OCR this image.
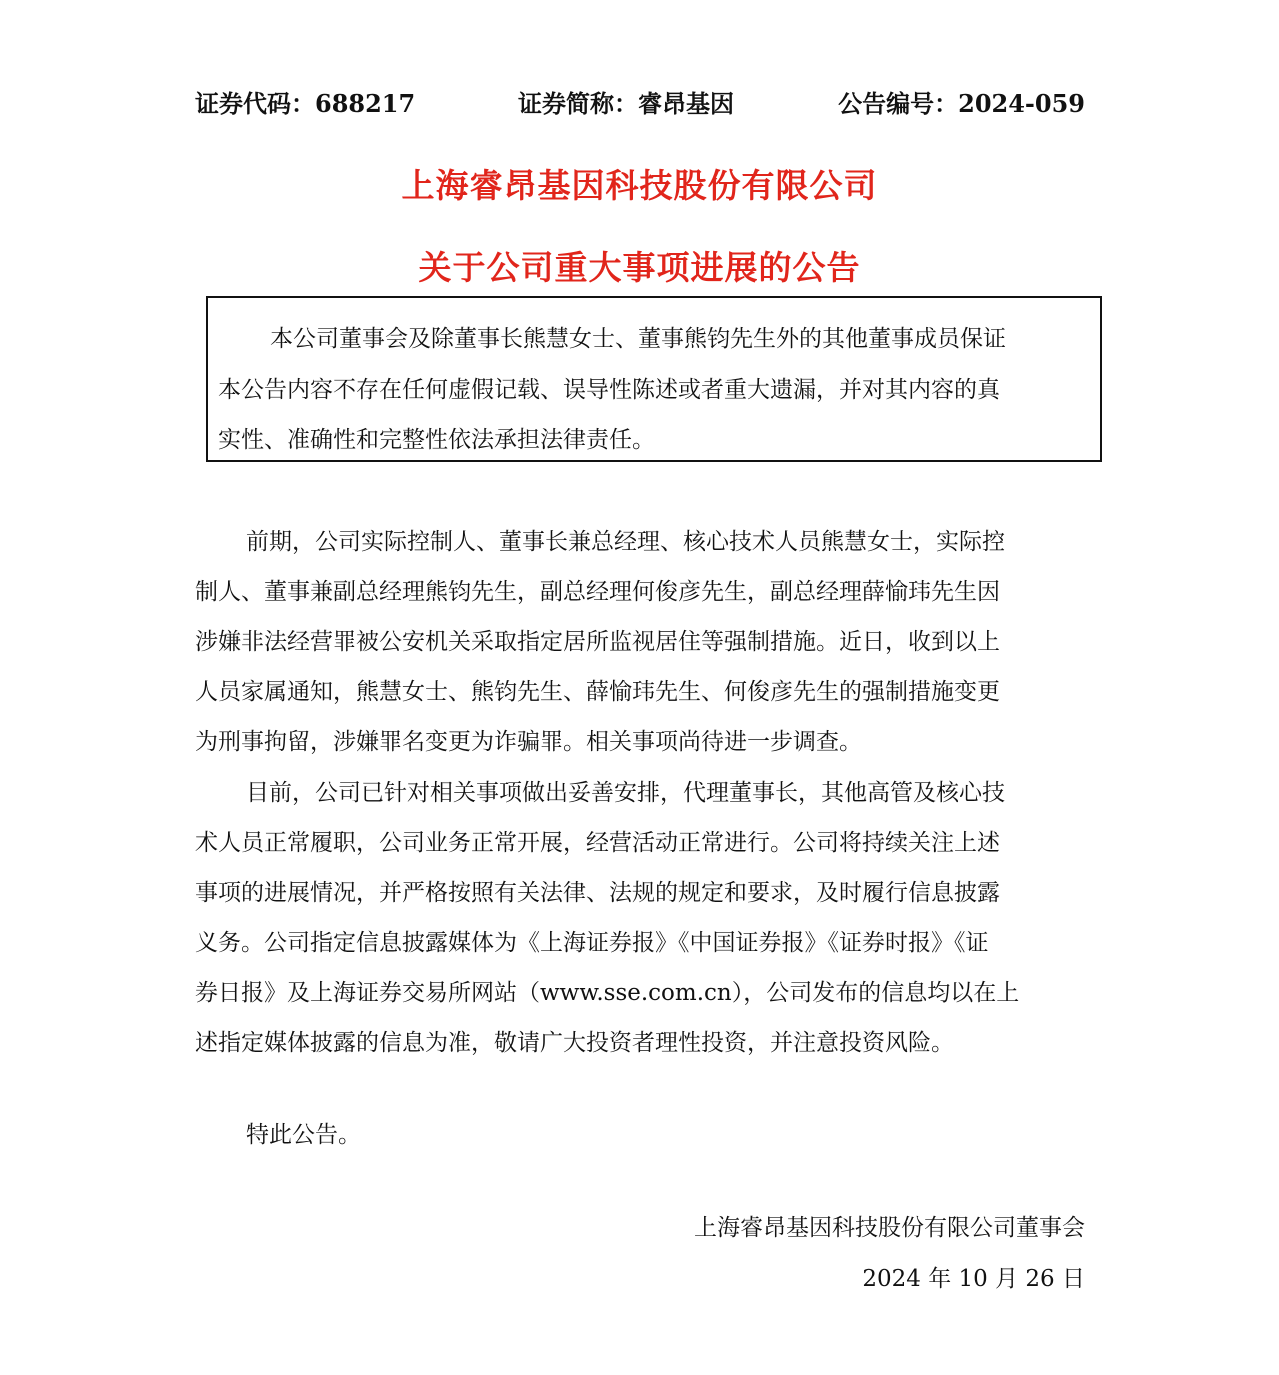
证券代码：688217	证券简称：睿昂基因	公告编号：2024-059
上海睿昂基因科技股份有限公司
关于公司重大事项进展的公告
本公司董事会及除董事长熊慧女士、董事熊钧先生外的其他董事成员保证
本公告内容不存在任何虚假记载、误导性陈述或者重大遗漏，并对其内容的真
实性、准确性和完整性依法承担法律责任。
前期，公司实际控制人、董事长兼总经理、核心技术人员熊慧女士，实际控
制人、董事兼副总经理熊钧先生，副总经理何俊彦先生，副总经理薛愉玮先生因
涉嫌非法经营罪被公安机关采取指定居所监视居住等强制措施。近日，收到以上
人员家属通知，熊慧女士、熊钧先生、薛愉玮先生、何俊彦先生的强制措施变更
为刑事拘留，涉嫌罪名变更为诈骗罪。相关事项尚待进一步调查。
目前，公司已针对相关事项做出妥善安排，代理董事长，其他高管及核心技
术人员正常履职，公司业务正常开展，经营活动正常进行。公司将持续关注上述
事项的进展情况，并严格按照有关法律、法规的规定和要求，及时履行信息披露
义务。公司指定信息披露媒体为《上海证券报》《中国证券报》《证券时报》《证
券日报》及上海证券交易所网站（www.sse.com.cn），公司发布的信息均以在上
述指定媒体披露的信息为准，敬请广大投资者理性投资，并注意投资风险。
特此公告。
上海睿昂基因科技股份有限公司董事会
2024 年 10 月 26 日
